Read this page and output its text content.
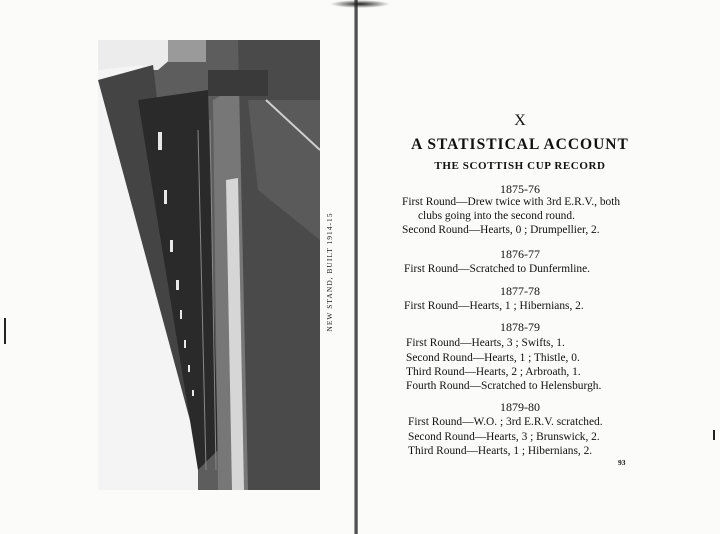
NEW STAND, BUILT 1914-15
X
A STATISTICAL ACCOUNT
THE SCOTTISH CUP RECORD
1875-76
First Round—Drew twice with 3rd E.R.V., both
clubs going into the second round.
Second Round—Hearts, 0 ; Drumpellier, 2.
1876-77
First Round—Scratched to Dunfermline.
1877-78
First Round—Hearts, 1 ; Hibernians, 2.
1878-79
First Round—Hearts, 3 ; Swifts, 1.
Second Round—Hearts, 1 ; Thistle, 0.
Third Round—Hearts, 2 ; Arbroath, 1.
Fourth Round—Scratched to Helensburgh.
1879-80
First Round—W.O. ; 3rd E.R.V. scratched.
Second Round—Hearts, 3 ; Brunswick, 2.
Third Round—Hearts, 1 ; Hibernians, 2.
93
